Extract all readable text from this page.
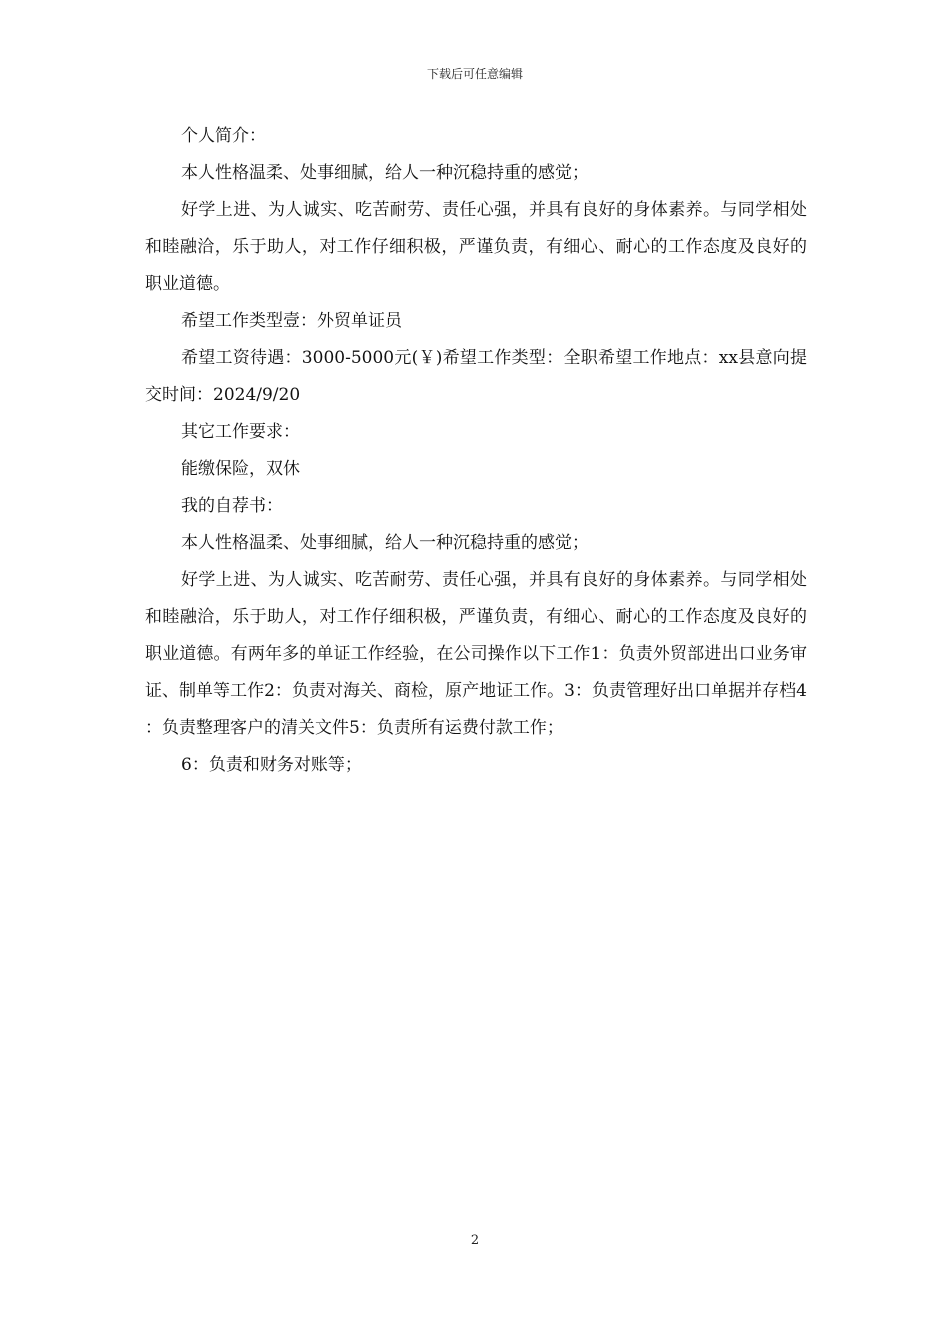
下载后可任意编辑

个人简介：

本人性格温柔、处事细腻，给人一种沉稳持重的感觉；

好学上进、为人诚实、吃苦耐劳、责任心强，并具有良好的身体素养。与同学相处和睦融洽，乐于助人，对工作仔细积极，严谨负责，有细心、耐心的工作态度及良好的职业道德。

希望工作类型壹：外贸单证员

希望工资待遇：3000-5000元(￥)希望工作类型：全职希望工作地点：xx县意向提交时间：2024/9/20

其它工作要求：

能缴保险，双休

我的自荐书：

本人性格温柔、处事细腻，给人一种沉稳持重的感觉；

好学上进、为人诚实、吃苦耐劳、责任心强，并具有良好的身体素养。与同学相处和睦融洽，乐于助人，对工作仔细积极，严谨负责，有细心、耐心的工作态度及良好的职业道德。有两年多的单证工作经验，在公司操作以下工作1：负责外贸部进出口业务审证、制单等工作2：负责对海关、商检，原产地证工作。3：负责管理好出口单据并存档4：负责整理客户的清关文件5：负责所有运费付款工作；

6：负责和财务对账等；

2
